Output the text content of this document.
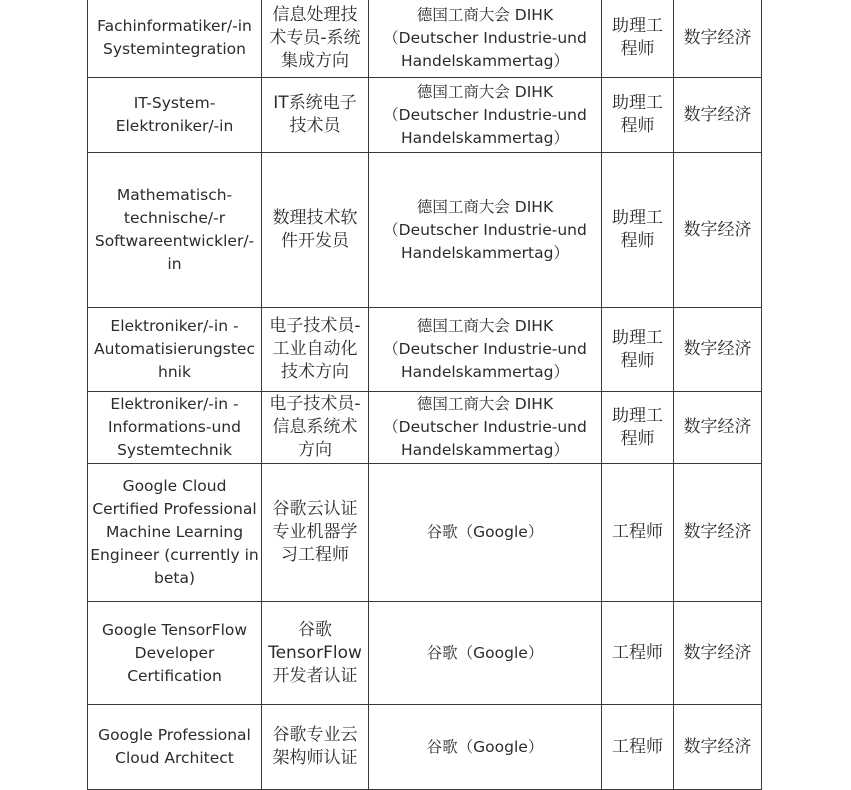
Fachinformatiker/-in
Systemintegration	信息处理技
术专员-系统
集成方向	德国工商大会 DIHK
（Deutscher Industrie-und
Handelskammertag）	助理工
程师	数字经济

IT-System-
Elektroniker/-in	IT系统电子
技术员	德国工商大会 DIHK
（Deutscher Industrie-und
Handelskammertag）	助理工
程师	数字经济

Mathematisch-
technische/-r
Softwareentwickler/-
in	数理技术软
件开发员	德国工商大会 DIHK
（Deutscher Industrie-und
Handelskammertag）	助理工
程师	数字经济

Elektroniker/-in -
Automatisierungstec
hnik	电子技术员-
工业自动化
技术方向	德国工商大会 DIHK
（Deutscher Industrie-und
Handelskammertag）	助理工
程师	数字经济

Elektroniker/-in -
Informations-und
Systemtechnik	电子技术员-
信息系统术
方向	德国工商大会 DIHK
（Deutscher Industrie-und
Handelskammertag）	助理工
程师	数字经济

Google Cloud
Certified Professional
Machine Learning
Engineer (currently in
beta)	谷歌云认证
专业机器学
习工程师	谷歌（Google）	工程师	数字经济

Google TensorFlow
Developer
Certification	谷歌
TensorFlow
开发者认证	谷歌（Google）	工程师	数字经济

Google Professional
Cloud Architect	谷歌专业云
架构师认证	谷歌（Google）	工程师	数字经济
